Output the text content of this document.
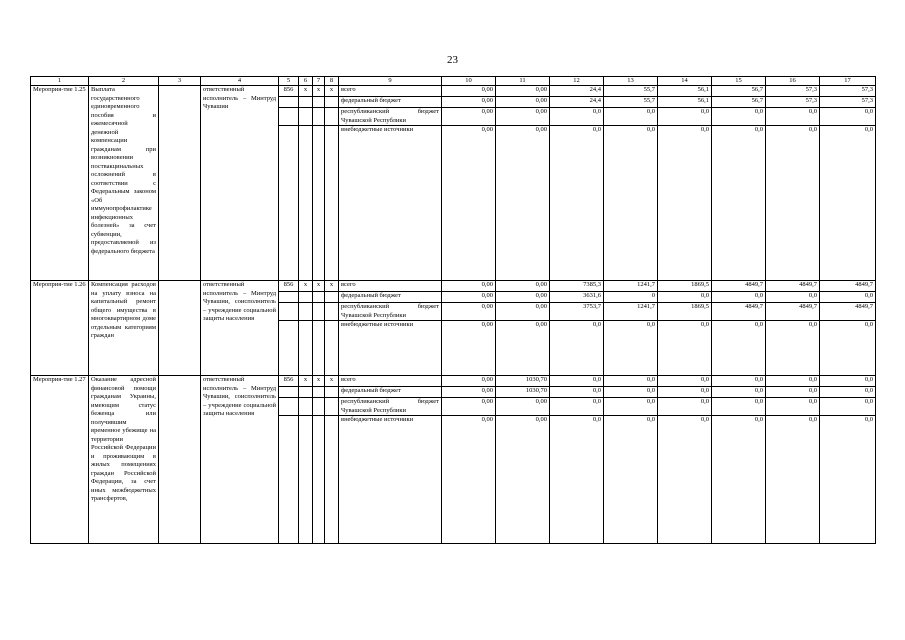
23
1	2	3	4	5	6	7	8	9	10	11	12	13	14	15	16	17
Мероприя-тие 1.25	Выплата государственного единовременного пособия и ежемесячной денежной компенсации гражданам при возникновении поствакцинальных осложнений в соответствии с Федеральным законом «Об иммунопрофилактике инфекционных болезней» за счет субвенции, предоставляемой из федерального бюджета		ответственный исполнитель – Минтруд Чувашии	856	x	x	x	всего	0,00	0,00	24,4	55,7	56,1	56,7	57,3	57,3
								федеральный бюджет	0,00	0,00	24,4	55,7	56,1	56,7	57,3	57,3
								республиканский бюджет Чувашской Республики	0,00	0,00	0,0	0,0	0,0	0,0	0,0	0,0
								внебюджетные источники	0,00	0,00	0,0	0,0	0,0	0,0	0,0	0,0
Мероприя-тие 1.26	Компенсация расходов на уплату взноса на капитальный ремонт общего имущества в многоквартирном доме отдельным категориям граждан		ответственный исполнитель – Минтруд Чувашии, соисполнитель – учреждение социальной защиты населения	856	x	x	x	всего	0,00	0,00	7385,3	1241,7	1869,5	4849,7	4849,7	4849,7
								федеральный бюджет	0,00	0,00	3631,6	0	0,0	0,0	0,0	0,0
								республиканский бюджет Чувашской Республики	0,00	0,00	3753,7	1241,7	1869,5	4849,7	4849,7	4849,7
								внебюджетные источники	0,00	0,00	0,0	0,0	0,0	0,0	0,0	0,0
Мероприя-тие 1.27	Оказание адресной финансовой помощи гражданам Украины, имеющим статус беженца или получившим временное убежище на территории Российской Федерации и проживающим в жилых помещениях граждан Российской Федерации, за счет иных межбюджетных трансфертов,		ответственный исполнитель – Минтруд Чувашии, соисполнитель – учреждение социальной защиты населения	856	x	x	x	всего	0,00	1030,70	0,0	0,0	0,0	0,0	0,0	0,0
								федеральный бюджет	0,00	1030,70	0,0	0,0	0,0	0,0	0,0	0,0
								республиканский бюджет Чувашской Республики	0,00	0,00	0,0	0,0	0,0	0,0	0,0	0,0
								внебюджетные источники	0,00	0,00	0,0	0,0	0,0	0,0	0,0	0,0
